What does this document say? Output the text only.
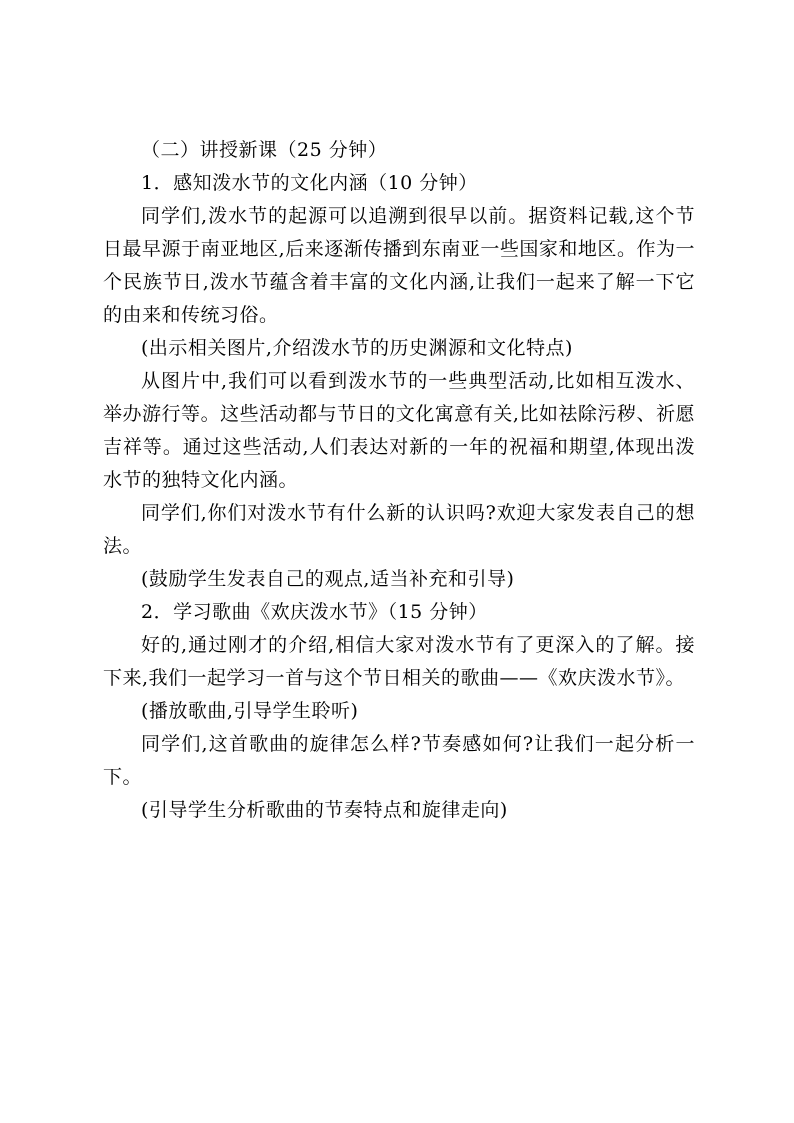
（二）讲授新课（25 分钟）

1．感知泼水节的文化内涵（10 分钟）

同学们,泼水节的起源可以追溯到很早以前。据资料记载,这个节日最早源于南亚地区,后来逐渐传播到东南亚一些国家和地区。作为一个民族节日,泼水节蕴含着丰富的文化内涵,让我们一起来了解一下它的由来和传统习俗。

(出示相关图片,介绍泼水节的历史渊源和文化特点)

从图片中,我们可以看到泼水节的一些典型活动,比如相互泼水、举办游行等。这些活动都与节日的文化寓意有关,比如祛除污秽、祈愿吉祥等。通过这些活动,人们表达对新的一年的祝福和期望,体现出泼水节的独特文化内涵。

同学们,你们对泼水节有什么新的认识吗?欢迎大家发表自己的想法。

(鼓励学生发表自己的观点,适当补充和引导)

2．学习歌曲《欢庆泼水节》（15 分钟）

好的,通过刚才的介绍,相信大家对泼水节有了更深入的了解。接下来,我们一起学习一首与这个节日相关的歌曲——《欢庆泼水节》。

(播放歌曲,引导学生聆听)

同学们,这首歌曲的旋律怎么样?节奏感如何?让我们一起分析一下。

(引导学生分析歌曲的节奏特点和旋律走向)
